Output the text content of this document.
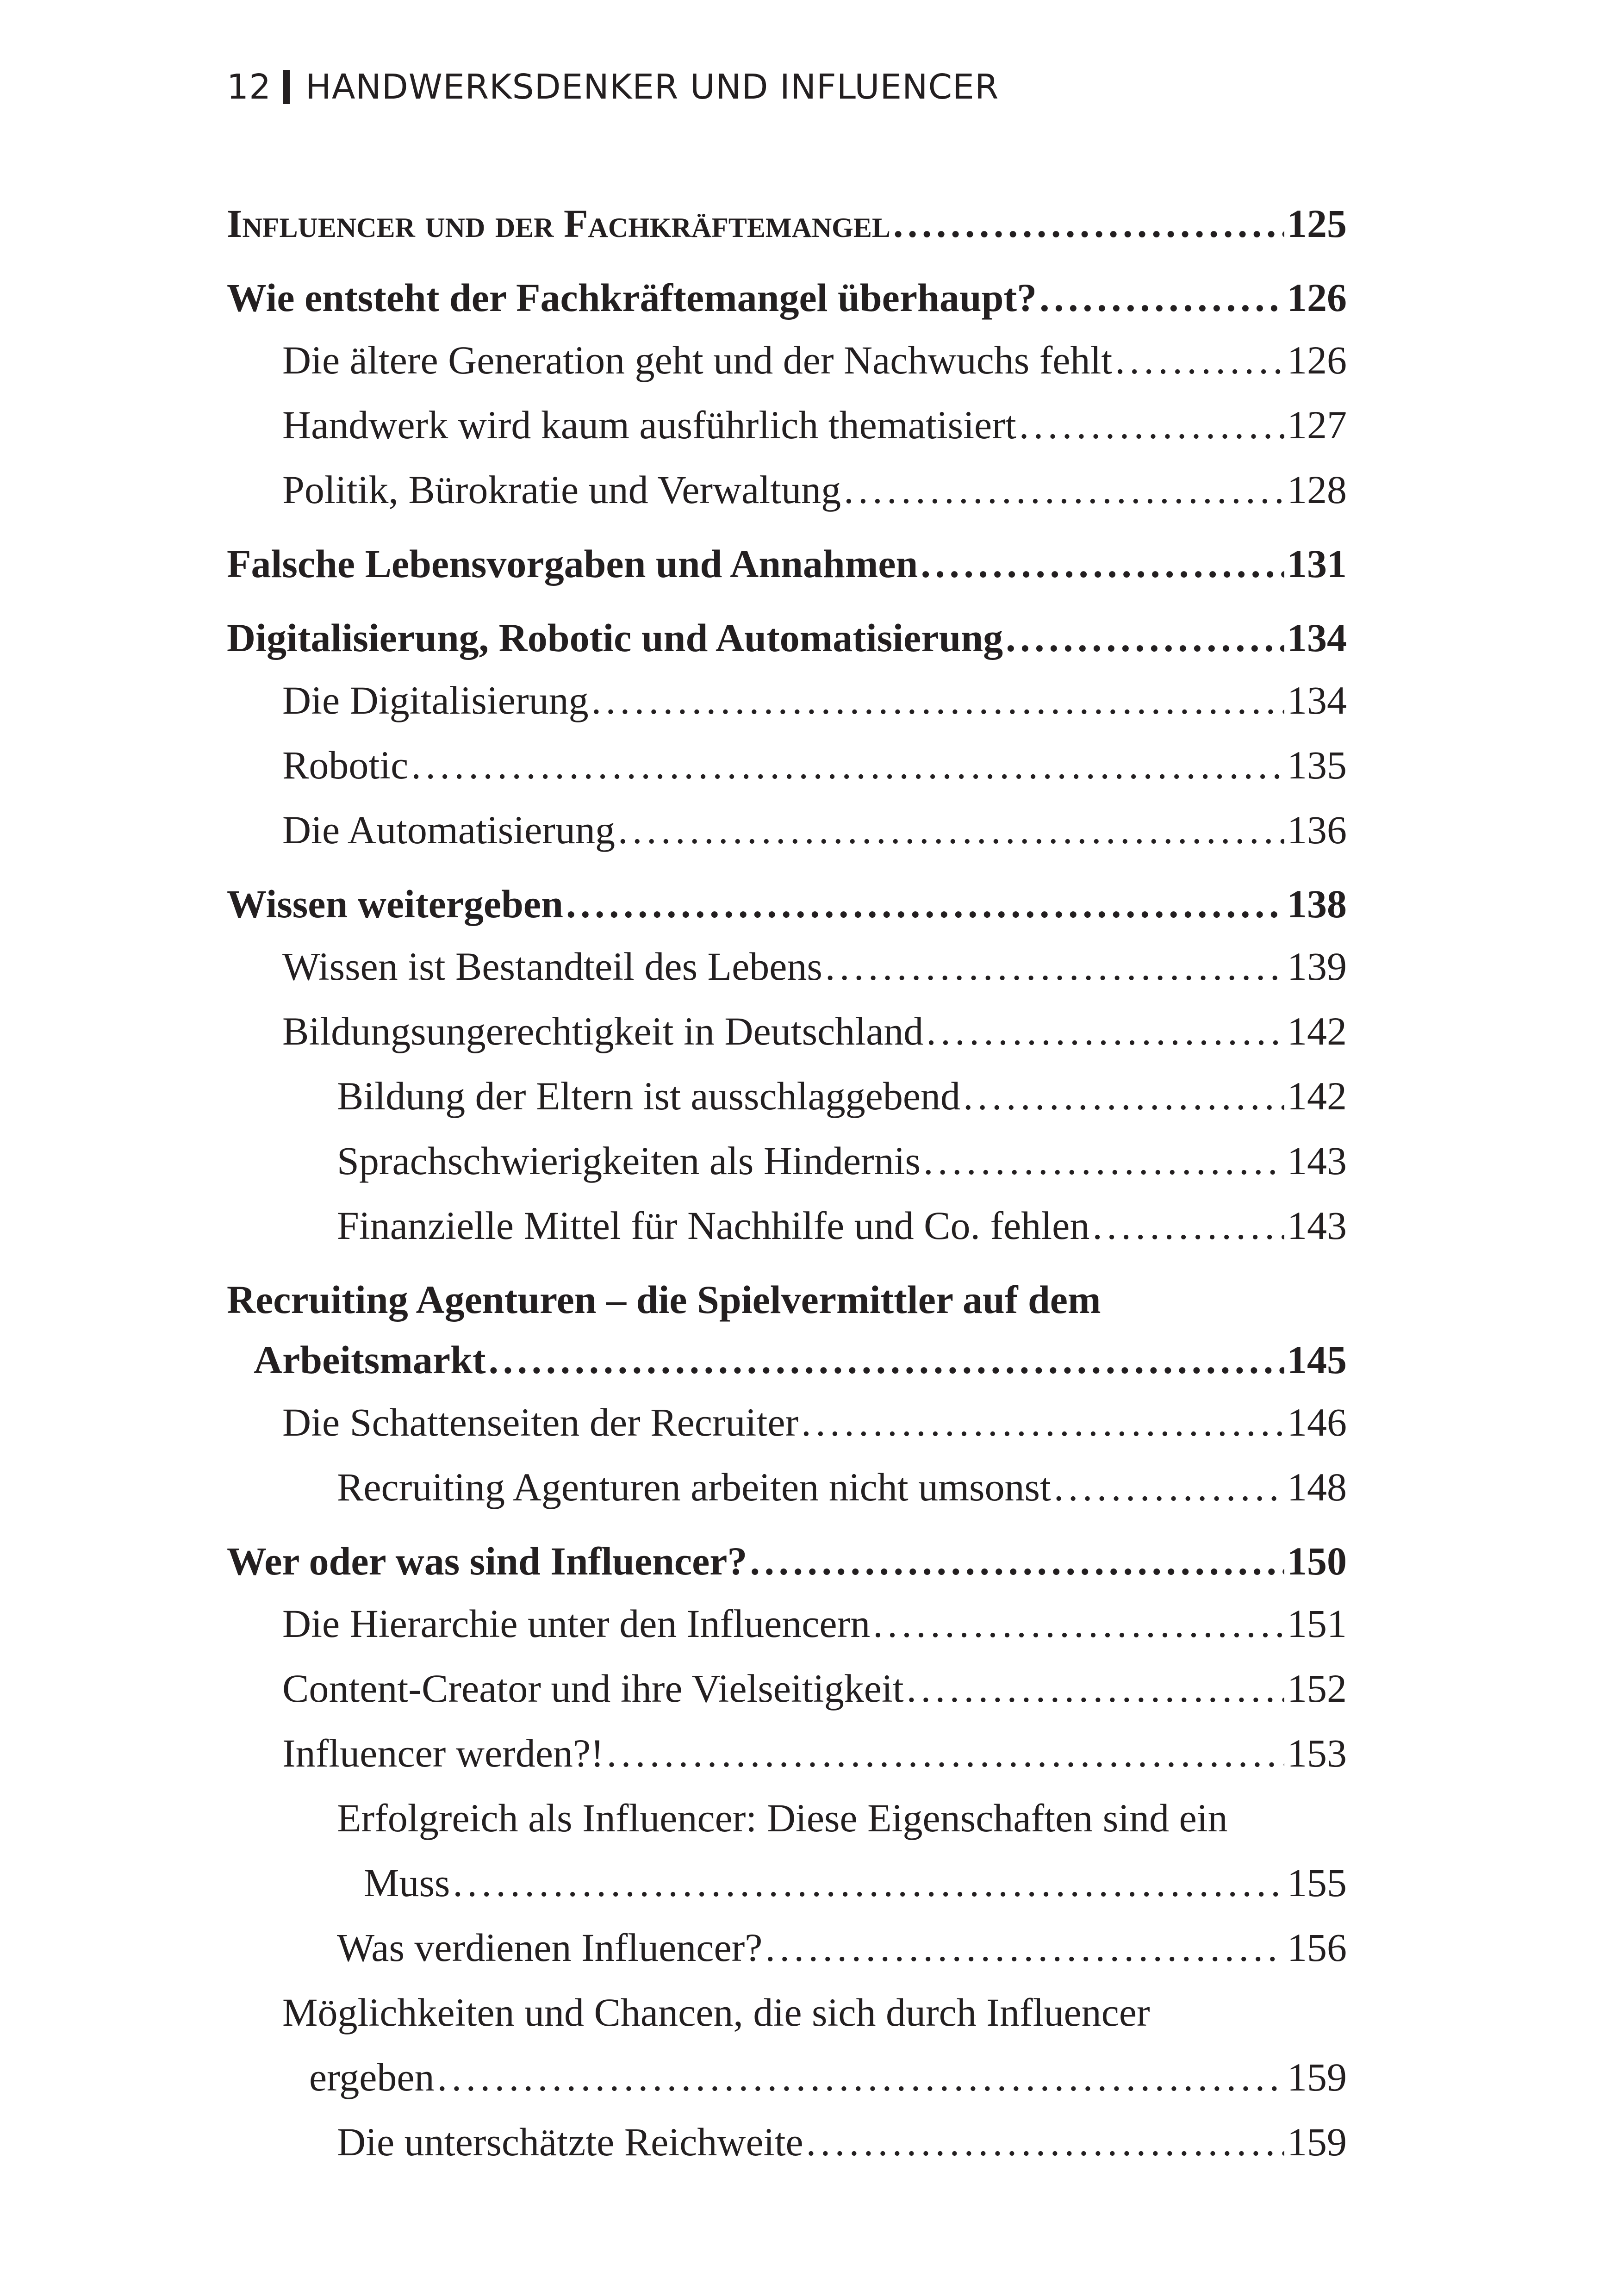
12 HANDWERKSDENKER UND INFLUENCER
Influencer und der Fachkräftemangel . . .	125
Wie entsteht der Fachkräftemangel überhaupt? . . .	126
Die ältere Generation geht und der Nachwuchs fehlt . . .	126
Handwerk wird kaum ausführlich thematisiert . . .	127
Politik, Bürokratie und Verwaltung . . .	128
Falsche Lebensvorgaben und Annahmen . . .	131
Digitalisierung, Robotic und Automatisierung . . .	134
Die Digitalisierung . . .	134
Robotic . . .	135
Die Automatisierung . . .	136
Wissen weitergeben . . .	138
Wissen ist Bestandteil des Lebens . . .	139
Bildungsungerechtigkeit in Deutschland . . .	142
Bildung der Eltern ist ausschlaggebend . . .	142
Sprachschwierigkeiten als Hindernis . . .	143
Finanzielle Mittel für Nachhilfe und Co. fehlen . . .	143
Recruiting Agenturen – die Spielvermittler auf dem
Arbeitsmarkt . . .	145
Die Schattenseiten der Recruiter . . .	146
Recruiting Agenturen arbeiten nicht umsonst . . .	148
Wer oder was sind Influencer? . . .	150
Die Hierarchie unter den Influencern . . .	151
Content-Creator und ihre Vielseitigkeit . . .	152
Influencer werden?! . . .	153
Erfolgreich als Influencer: Diese Eigenschaften sind ein
Muss . . .	155
Was verdienen Influencer? . . .	156
Möglichkeiten und Chancen, die sich durch Influencer
ergeben . . .	159
Die unterschätzte Reichweite . . .	159
